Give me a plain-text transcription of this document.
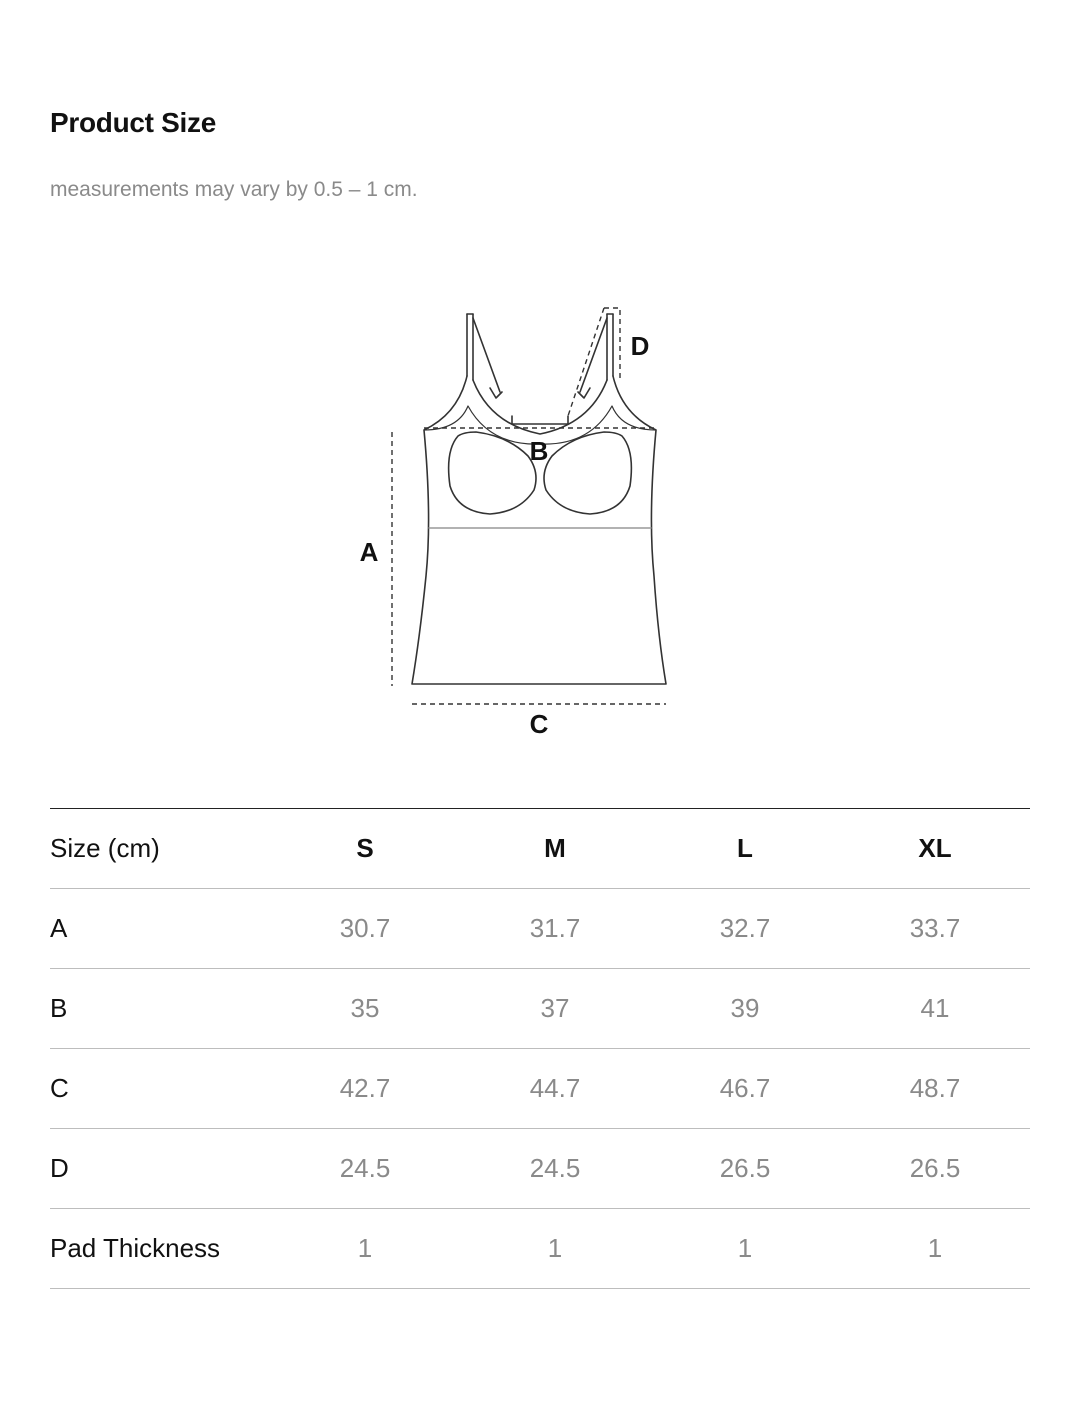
Product Size

measurements may vary by 0.5 – 1 cm.

A
B
C
D
Size (cm)	S	M	L	XL
A	30.7	31.7	32.7	33.7
B	35	37	39	41
C	42.7	44.7	46.7	48.7
D	24.5	24.5	26.5	26.5
Pad Thickness	1	1	1	1
